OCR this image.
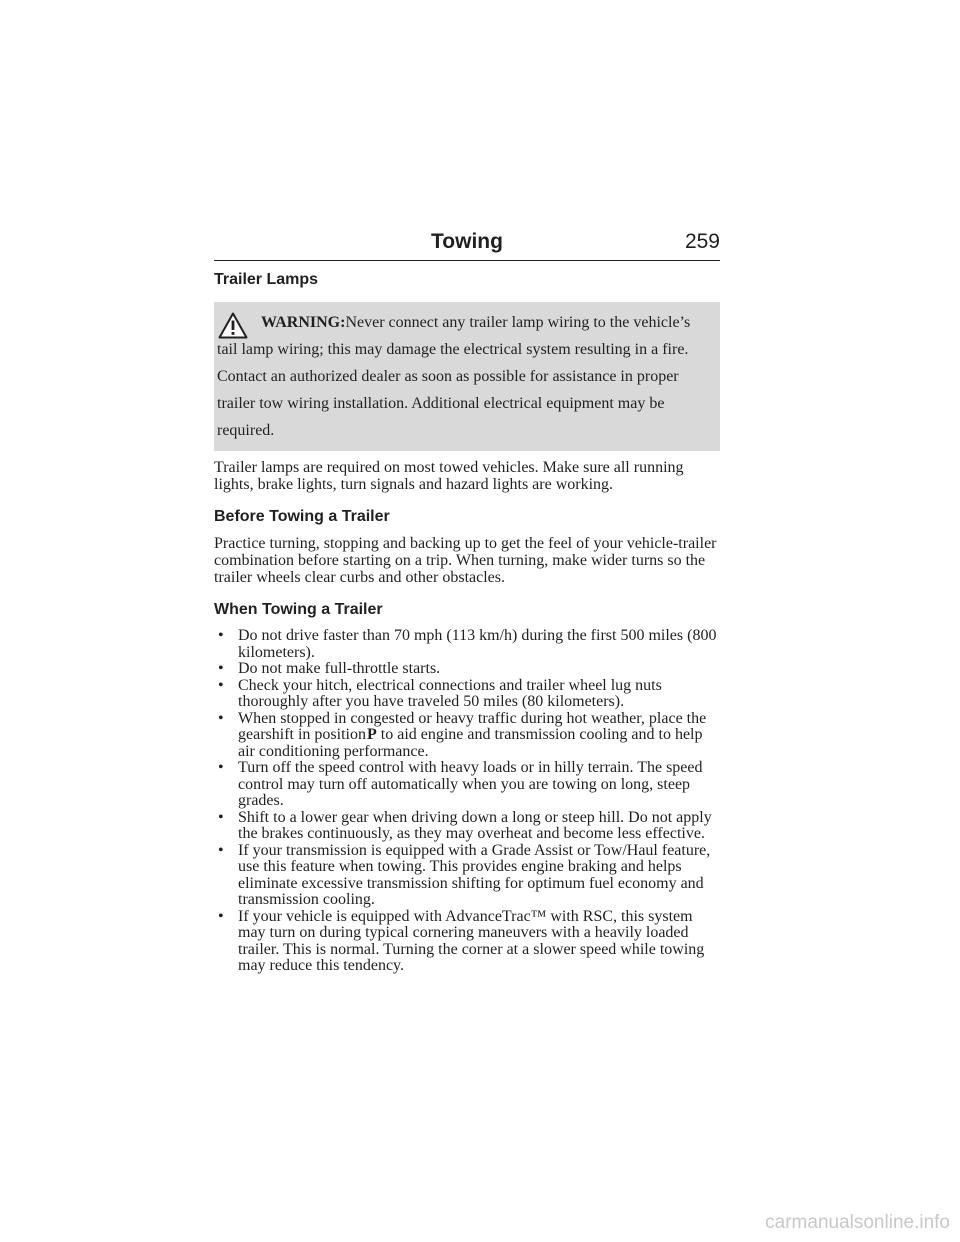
Towing	259
Trailer Lamps

WARNING:Never connect any trailer lamp wiring to the vehicle’s tail lamp wiring; this may damage the electrical system resulting in a fire. Contact an authorized dealer as soon as possible for assistance in proper trailer tow wiring installation. Additional electrical equipment may be required.

Trailer lamps are required on most towed vehicles. Make sure all running lights, brake lights, turn signals and hazard lights are working.

Before Towing a Trailer

Practice turning, stopping and backing up to get the feel of your vehicle-trailer combination before starting on a trip. When turning, make wider turns so the trailer wheels clear curbs and other obstacles.

When Towing a Trailer
• Do not drive faster than 70 mph (113 km/h) during the first 500 miles (800 kilometers).
• Do not make full-throttle starts.
• Check your hitch, electrical connections and trailer wheel lug nuts thoroughly after you have traveled 50 miles (80 kilometers).
• When stopped in congested or heavy traffic during hot weather, place the gearshift in positionP to aid engine and transmission cooling and to help air conditioning performance.
• Turn off the speed control with heavy loads or in hilly terrain. The speed control may turn off automatically when you are towing on long, steep grades.
• Shift to a lower gear when driving down a long or steep hill. Do not apply the brakes continuously, as they may overheat and become less effective.
• If your transmission is equipped with a Grade Assist or Tow/Haul feature, use this feature when towing. This provides engine braking and helps eliminate excessive transmission shifting for optimum fuel economy and transmission cooling.
• If your vehicle is equipped with AdvanceTrac™ with RSC, this system may turn on during typical cornering maneuvers with a heavily loaded trailer. This is normal. Turning the corner at a slower speed while towing may reduce this tendency.
carmanualsonline.info
